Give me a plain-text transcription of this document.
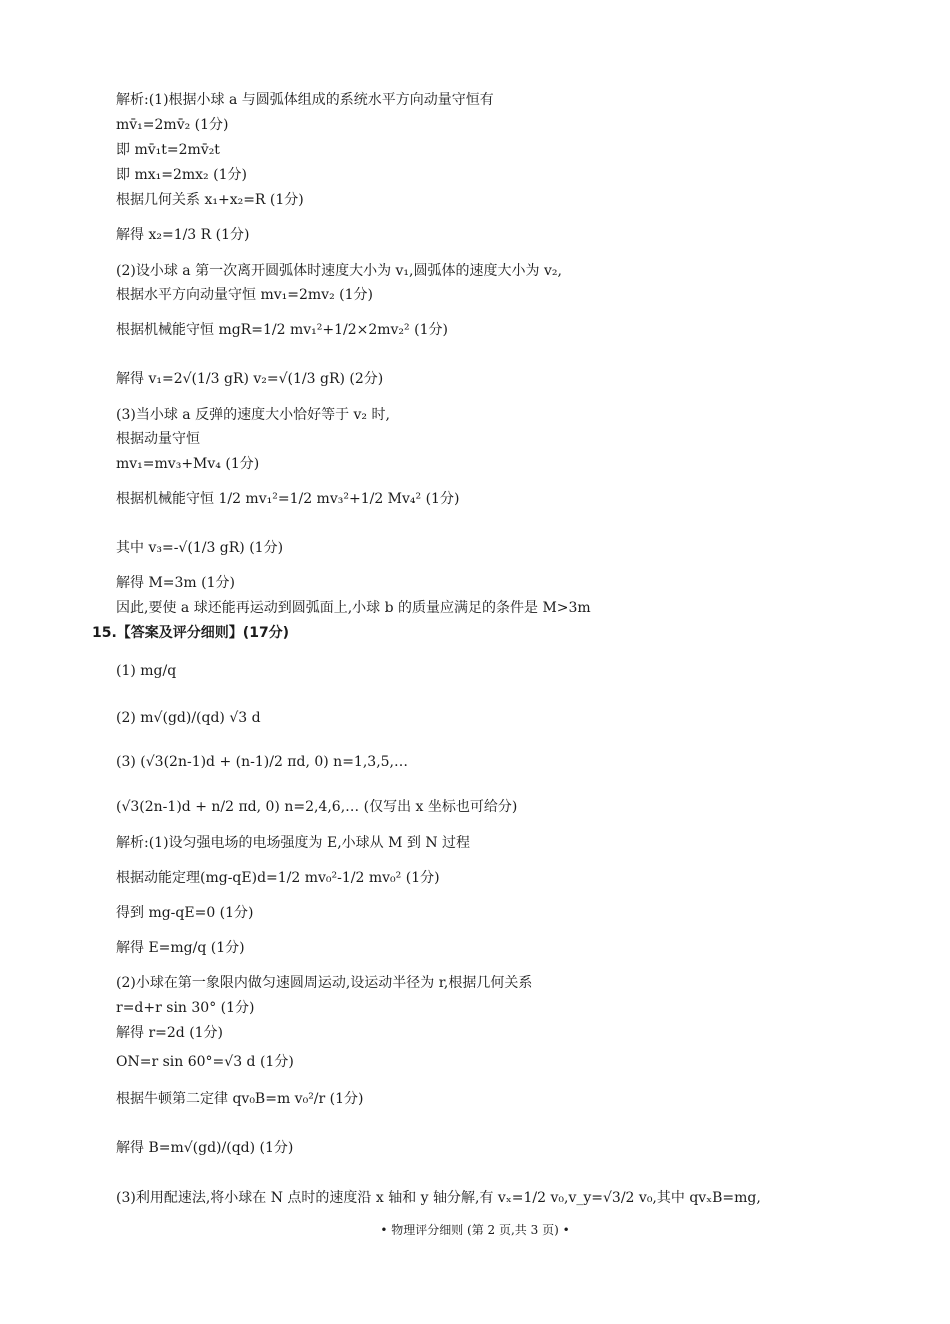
解析:(1)根据小球 a 与圆弧体组成的系统水平方向动量守恒有
mv̄₁=2mv̄₂ (1分)
即 mv̄₁t=2mv̄₂t
即 mx₁=2mx₂ (1分)
根据几何关系 x₁+x₂=R (1分)
解得 x₂=1/3 R (1分)
(2)设小球 a 第一次离开圆弧体时速度大小为 v₁,圆弧体的速度大小为 v₂,
根据水平方向动量守恒 mv₁=2mv₂ (1分)
根据机械能守恒 mgR=1/2 mv₁²+1/2×2mv₂² (1分)
解得 v₁=2√(1/3 gR) v₂=√(1/3 gR) (2分)
(3)当小球 a 反弹的速度大小恰好等于 v₂ 时,
根据动量守恒
mv₁=mv₃+Mv₄ (1分)
根据机械能守恒 1/2 mv₁²=1/2 mv₃²+1/2 Mv₄² (1分)
其中 v₃=-√(1/3 gR) (1分)
解得 M=3m (1分)
因此,要使 a 球还能再运动到圆弧面上,小球 b 的质量应满足的条件是 M>3m
15.【答案及评分细则】(17分)
(1) mg/q
(2) m√(gd)/(qd) √3 d
(3) (√3(2n-1)d + (n-1)/2 πd, 0) n=1,3,5,…
(√3(2n-1)d + n/2 πd, 0) n=2,4,6,… (仅写出 x 坐标也可给分)
解析:(1)设匀强电场的电场强度为 E,小球从 M 到 N 过程
根据动能定理(mg-qE)d=1/2 mv₀²-1/2 mv₀² (1分)
得到 mg-qE=0 (1分)
解得 E=mg/q (1分)
(2)小球在第一象限内做匀速圆周运动,设运动半径为 r,根据几何关系
r=d+r sin 30° (1分)
解得 r=2d (1分)
ON=r sin 60°=√3 d (1分)
根据牛顿第二定律 qv₀B=m v₀²/r (1分)
解得 B=m√(gd)/(qd) (1分)
(3)利用配速法,将小球在 N 点时的速度沿 x 轴和 y 轴分解,有 vₓ=1/2 v₀,v_y=√3/2 v₀,其中 qvₓB=mg,
• 物理评分细则 (第 2 页,共 3 页) •
